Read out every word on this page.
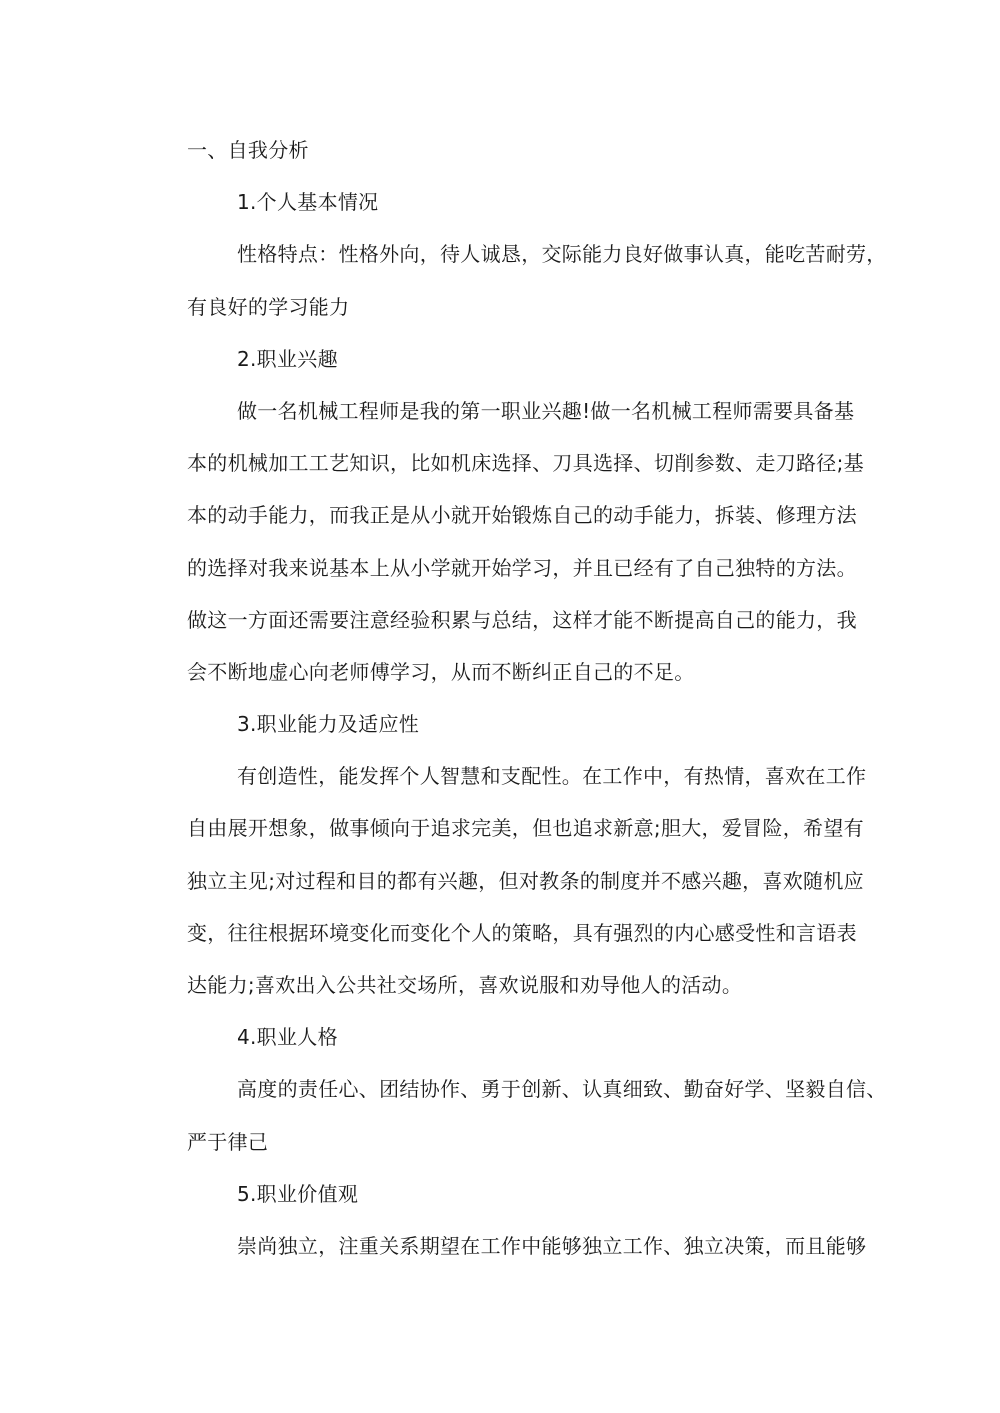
一、自我分析
1.个人基本情况
性格特点：性格外向，待人诚恳，交际能力良好做事认真，能吃苦耐劳，
有良好的学习能力
2.职业兴趣
做一名机械工程师是我的第一职业兴趣!做一名机械工程师需要具备基
本的机械加工工艺知识，比如机床选择、刀具选择、切削参数、走刀路径;基
本的动手能力，而我正是从小就开始锻炼自己的动手能力，拆装、修理方法
的选择对我来说基本上从小学就开始学习，并且已经有了自己独特的方法。
做这一方面还需要注意经验积累与总结，这样才能不断提高自己的能力，我
会不断地虚心向老师傅学习，从而不断纠正自己的不足。
3.职业能力及适应性
有创造性，能发挥个人智慧和支配性。在工作中，有热情，喜欢在工作
自由展开想象，做事倾向于追求完美，但也追求新意;胆大，爱冒险，希望有
独立主见;对过程和目的都有兴趣，但对教条的制度并不感兴趣，喜欢随机应
变，往往根据环境变化而变化个人的策略，具有强烈的内心感受性和言语表
达能力;喜欢出入公共社交场所，喜欢说服和劝导他人的活动。
4.职业人格
高度的责任心、团结协作、勇于创新、认真细致、勤奋好学、坚毅自信、
严于律己
5.职业价值观
崇尚独立，注重关系期望在工作中能够独立工作、独立决策，而且能够
